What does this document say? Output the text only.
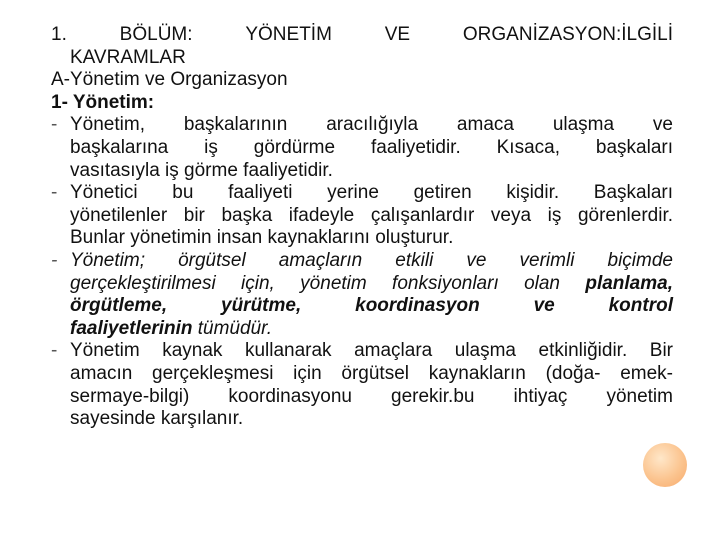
1.	BÖLÜM:	YÖNETİM	VE	ORGANİZASYON:İLGİLİ
KAVRAMLAR
A-Yönetim ve Organizasyon
1- Yönetim:
- Yönetim, başkalarının aracılığıyla amaca ulaşma ve
başkalarına iş gördürme faaliyetidir. Kısaca, başkaları
vasıtasıyla iş görme faaliyetidir.
- Yönetici bu faaliyeti yerine getiren kişidir. Başkaları
yönetilenler bir başka ifadeyle çalışanlardır veya iş görenlerdir.
Bunlar yönetimin insan kaynaklarını oluşturur.
- Yönetim; örgütsel amaçların etkili ve verimli biçimde
gerçekleştirilmesi için, yönetim fonksiyonları olan planlama,
örgütleme, yürütme, koordinasyon ve kontrol
faaliyetlerinin tümüdür.
- Yönetim kaynak kullanarak amaçlara ulaşma etkinliğidir. Bir
amacın gerçekleşmesi için örgütsel kaynakların (doğa- emek-
sermaye-bilgi) koordinasyonu gerekir.bu ihtiyaç yönetim
sayesinde karşılanır.
